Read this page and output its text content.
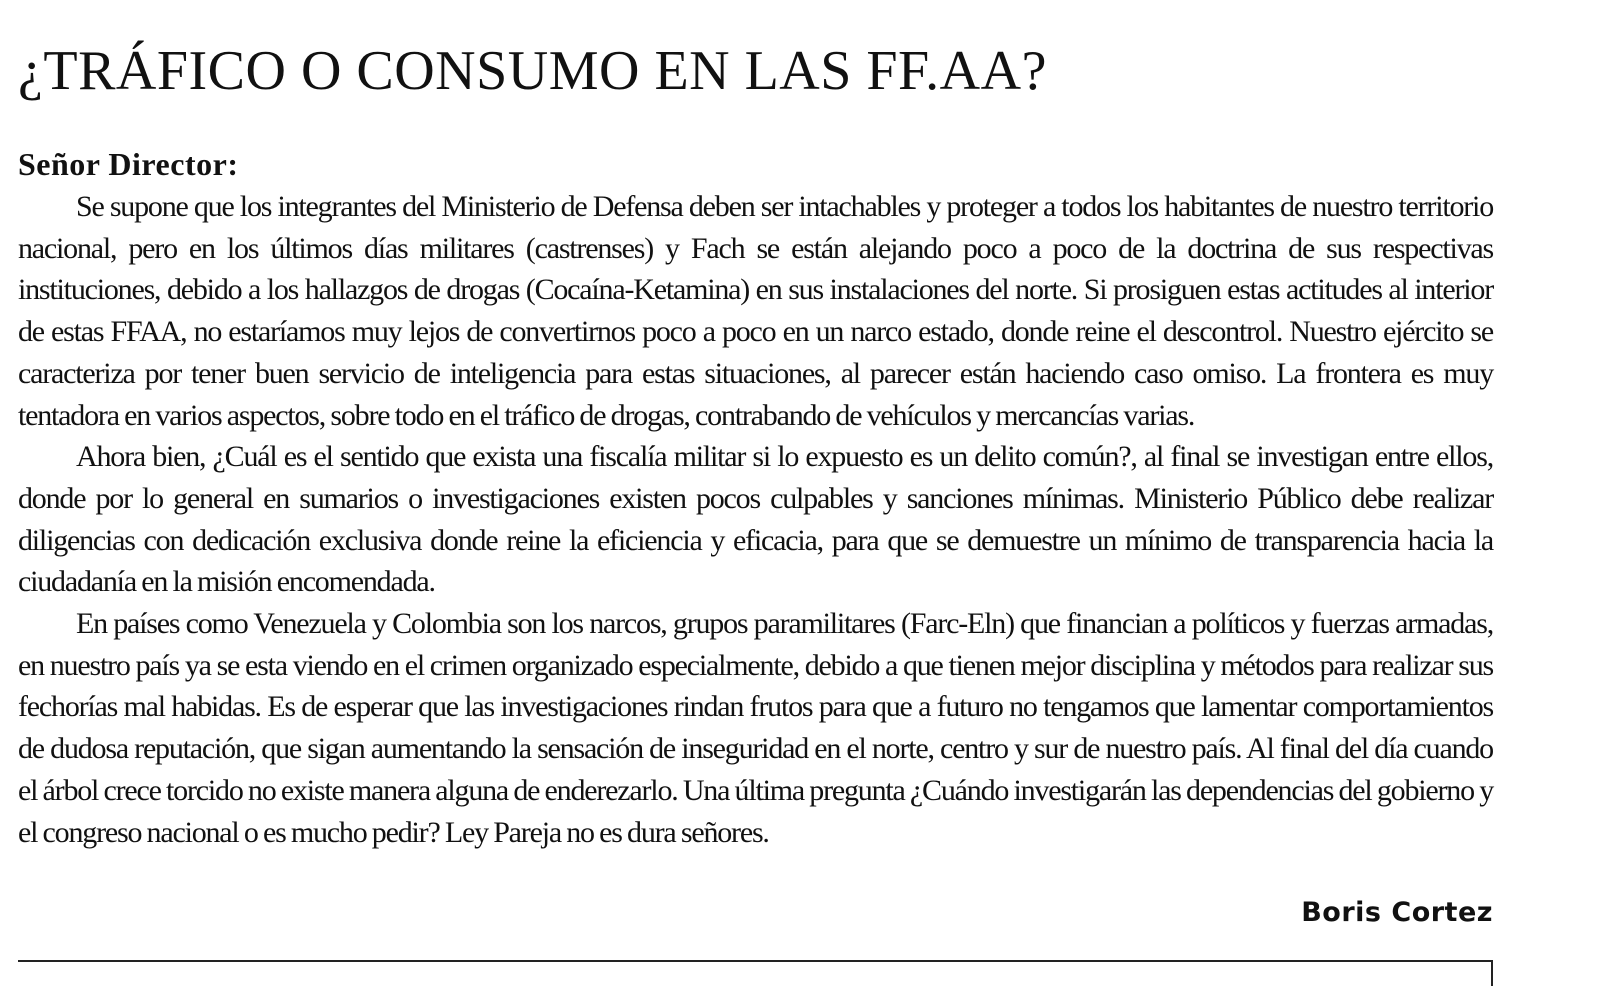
¿TRÁFICO O CONSUMO EN LAS FF.AA?
Señor Director:

Se supone que los integrantes del Ministerio de Defensa deben ser intachables y proteger a todos los habitantes de nuestro territorio nacional, pero en los últimos días militares (castrenses) y Fach se están alejando poco a poco de la doctrina de sus respectivas instituciones, debido a los hallazgos de drogas (Cocaína-Ketamina) en sus instalaciones del norte. Si prosiguen estas actitudes al interior de estas FFAA, no estaríamos muy lejos de convertirnos poco a poco en un narco estado, donde reine el descontrol. Nuestro ejército se caracteriza por tener buen servicio de inteligencia para estas situaciones, al parecer están haciendo caso omiso. La frontera es muy tentadora en varios aspectos, sobre todo en el tráfico de drogas, contrabando de vehículos y mercancías varias.

Ahora bien, ¿Cuál es el sentido que exista una fiscalía militar si lo expuesto es un delito común?, al final se investigan entre ellos, donde por lo general en sumarios o investigaciones existen pocos culpables y sanciones mínimas. Ministerio Público debe realizar diligencias con dedicación exclusiva donde reine la eficiencia y eficacia, para que se demuestre un mínimo de transparencia hacia la ciudadanía en la misión encomendada.

En países como Venezuela y Colombia son los narcos, grupos paramilitares (Farc-Eln) que financian a políticos y fuerzas armadas, en nuestro país ya se esta viendo en el crimen organizado especialmente, debido a que tienen mejor disciplina y métodos para realizar sus fechorías mal habidas. Es de esperar que las investigaciones rindan frutos para que a futuro no tengamos que lamentar comportamientos de dudosa reputación, que sigan aumentando la sensación de inseguridad en el norte, centro y sur de nuestro país. Al final del día cuando el árbol crece torcido no existe manera alguna de enderezarlo. Una última pregunta ¿Cuándo investigarán las dependencias del gobierno y el congreso nacional o es mucho pedir? Ley Pareja no es dura señores.

Boris Cortez
